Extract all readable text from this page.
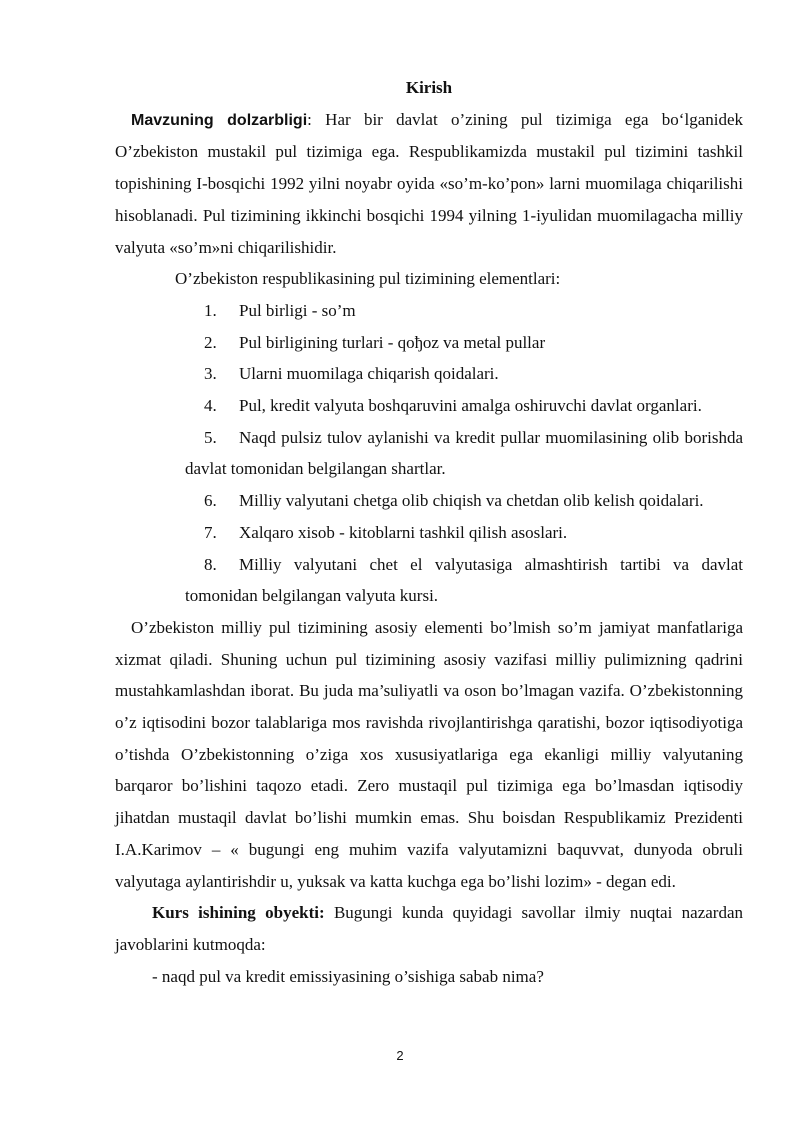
Kirish

Mavzuning dolzarbligi: Har bir davlat o’zining pul tizimiga ega bo‘lganidek O’zbekiston mustakil pul tizimiga ega. Respublikamizda mustakil pul tizimini tashkil topishining I-bosqichi 1992 yilni noyabr oyida «so’m-ko’pon» larni muomilaga chiqarilishi hisoblanadi. Pul tizimining ikkinchi bosqichi 1994 yilning 1-iyulidan muomilagacha milliy valyuta «so’m»ni chiqarilishidir.

O’zbekiston respublikasining pul tizimining elementlari:

1. Pul birligi - so’m
2. Pul birligining turlari - qoђoz va metal pullar
3. Ularni muomilaga chiqarish qoidalari.
4. Pul, kredit valyuta boshqaruvini amalga oshiruvchi davlat organlari.
5. Naqd pulsiz tulov aylanishi va kredit pullar muomilasining olib borishda davlat tomonidan belgilangan shartlar.
6. Milliy valyutani chetga olib chiqish va chetdan olib kelish qoidalari.
7. Xalqaro xisob - kitoblarni tashkil qilish asoslari.
8. Milliy valyutani chet el valyutasiga almashtirish tartibi va davlat tomonidan belgilangan valyuta kursi.

O’zbekiston milliy pul tizimining asosiy elementi bo’lmish so’m jamiyat manfatlariga xizmat qiladi. Shuning uchun pul tizimining asosiy vazifasi milliy pulimizning qadrini mustahkamlashdan iborat. Bu juda ma’suliyatli va oson bo’lmagan vazifa. O’zbekistonning o’z iqtisodini bozor talablariga mos ravishda rivojlantirishga qaratishi, bozor iqtisodiyotiga o’tishda O’zbekistonning o’ziga xos xususiyatlariga ega ekanligi milliy valyutaning barqaror bo’lishini taqozo etadi. Zero mustaqil pul tizimiga ega bo’lmasdan iqtisodiy jihatdan mustaqil davlat bo’lishi mumkin emas. Shu boisdan Respublikamiz Prezidenti I.A.Karimov – « bugungi eng muhim vazifa valyutamizni baquvvat, dunyoda obruli valyutaga aylantirishdir u, yuksak va katta kuchga ega bo’lishi lozim» - degan edi.

Kurs ishining obyekti: Bugungi kunda quyidagi savollar ilmiy nuqtai nazardan javoblarini kutmoqda:

- naqd pul va kredit emissiyasining o’sishiga sabab nima?

2
